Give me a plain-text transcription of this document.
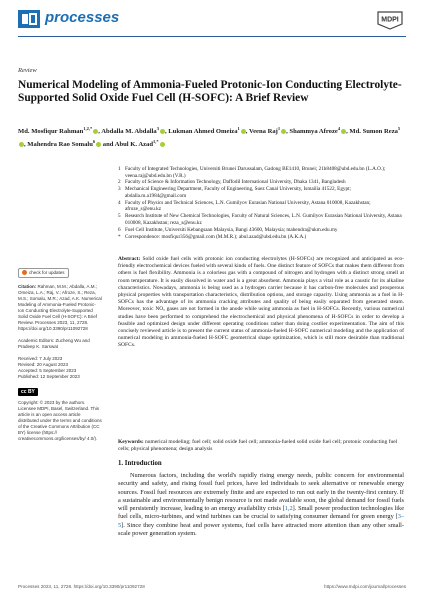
processes	MDPI
Review
Numerical Modeling of Ammonia-Fueled Protonic-Ion Conducting Electrolyte-Supported Solid Oxide Fuel Cell (H-SOFC): A Brief Review
Md. Mosfiqur Rahman$^{1,2,*}$ , Abdalla M. Abdalla$^3$ , Lukman Ahmed Omeiza$^1$ , Veena Raj$^1$ , Shammya Afroze$^4$ , Md. Sumon Reza$^5$, Mahendra Rao Somalu$^6$ and Abul K. Azad$^{1,*}$
1 Faculty of Integrated Technologies, Universiti Brunei Darussalam, Gadong BE1410, Brunei; 21h8408@ubd.edu.bn (L.A.O.); veena.raj@ubd.edu.bn (V.R.)
2 Faculty of Science & Information Technology, Daffodil International University, Dhaka 1341, Bangladesh
3 Mechanical Engineering Department, Faculty of Engineering, Suez Canal University, Ismailia 41522, Egypt; abdalla.m.a1984@gmail.com
4 Faculty of Physics and Technical Sciences, L.N. Gumilyov Eurasian National University, Astana 010008, Kazakhstan; afroze_s@enu.kz
5 Research Institute of New Chemical Technologies, Faculty of Natural Sciences, L.N. Gumilyov Eurasian National University, Astana 010008, Kazakhstan; reza_s@enu.kz
6 Fuel Cell Institute, Universiti Kebangsaan Malaysia, Bangi 43600, Malaysia; mahendra@ukm.edu.my
* Correspondence: mosfiqur356@gmail.com (M.M.R.); abul.azad@ubd.edu.bn (A.K.A.)
check for updates
Citation: Rahman, M.M.; Abdalla, A.M.; Omeiza, L.A.; Raj, V.; Afroze, S.; Reza, M.S.; Somalu, M.R.; Azad, A.K. Numerical Modeling of Ammonia-Fueled Protonic-Ion Conducting Electrolyte-Supported Solid Oxide Fuel Cell (H-SOFC): A Brief Review. Processes 2023, 11, 2728. https://doi.org/10.3390/pr11092728
Academic Editors: Zucheng Wu and Pradeep K. Sarswat
Received: 7 July 2023
Revised: 20 August 2023
Accepted: 5 September 2023
Published: 12 September 2023
cc BY
Copyright: © 2023 by the authors. Licensee MDPI, Basel, Switzerland. This article is an open access article distributed under the terms and conditions of the Creative Commons Attribution (CC BY) license (https:// creativecommons.org/licenses/by/ 4.0/).
Abstract: Solid oxide fuel cells with protonic ion conducting electrolytes (H-SOFCs) are recognized and anticipated as eco-friendly electrochemical devices fueled with several kinds of fuels. One distinct feature of SOFCs that makes them different from others is fuel flexibility. Ammonia is a colorless gas with a compound of nitrogen and hydrogen with a distinct strong smell at room temperature. It is easily dissolved in water and is a great absorbent. Ammonia plays a vital role as a caustic for its alkaline characteristics. Nowadays, ammonia is being used as a hydrogen carrier because it has carbon-free molecules and prosperous physical properties with transportation characteristics, distribution options, and storage capacity. Using ammonia as a fuel in H-SOFCs has the advantage of its ammonia cracking attributes and quality of being easily separated from generated steam. Moreover, toxic NOₓ gases are not formed in the anode while using ammonia as fuel in H-SOFCs. Recently, various numerical studies have been performed to comprehend the electrochemical and physical phenomena of H-SOFCs in order to develop a feasible and optimized design under different operating conditions rather than doing costlier experimentation. The aim of this concisely reviewed article is to present the current status of ammonia-fueled H-SOFC numerical modeling and the application of numerical modeling in ammonia-fueled H-SOFC geometrical shape optimization, which is still more desirable than traditional SOFCs.
Keywords: numerical modeling; fuel cell; solid oxide fuel cell; ammonia-fueled solid oxide fuel cell; protonic conducting fuel cells; physical phenomena; design analysis
1. Introduction
Numerous factors, including the world's rapidly rising energy needs, public concern for environmental security and safety, and rising fossil fuel prices, have led individuals to seek alternative or renewable energy sources. Fossil fuel resources are extremely finite and are expected to run out early in the twenty-first century. If a sustainable and environmentally benign resource is not made available soon, the global demand for fossil fuels will persistently increase, leading to an energy availability crisis [1,2]. Small power production technologies like fuel cells, micro-turbines, and wind turbines can be crucial to satisfying consumer demand for green energy [3–5]. Since they combine heat and power systems, fuel cells have attracted more attention than any other small-scale power generation system.
Processes 2023, 11, 2728. https://doi.org/10.3390/pr11092728	https://www.mdpi.com/journal/processes
